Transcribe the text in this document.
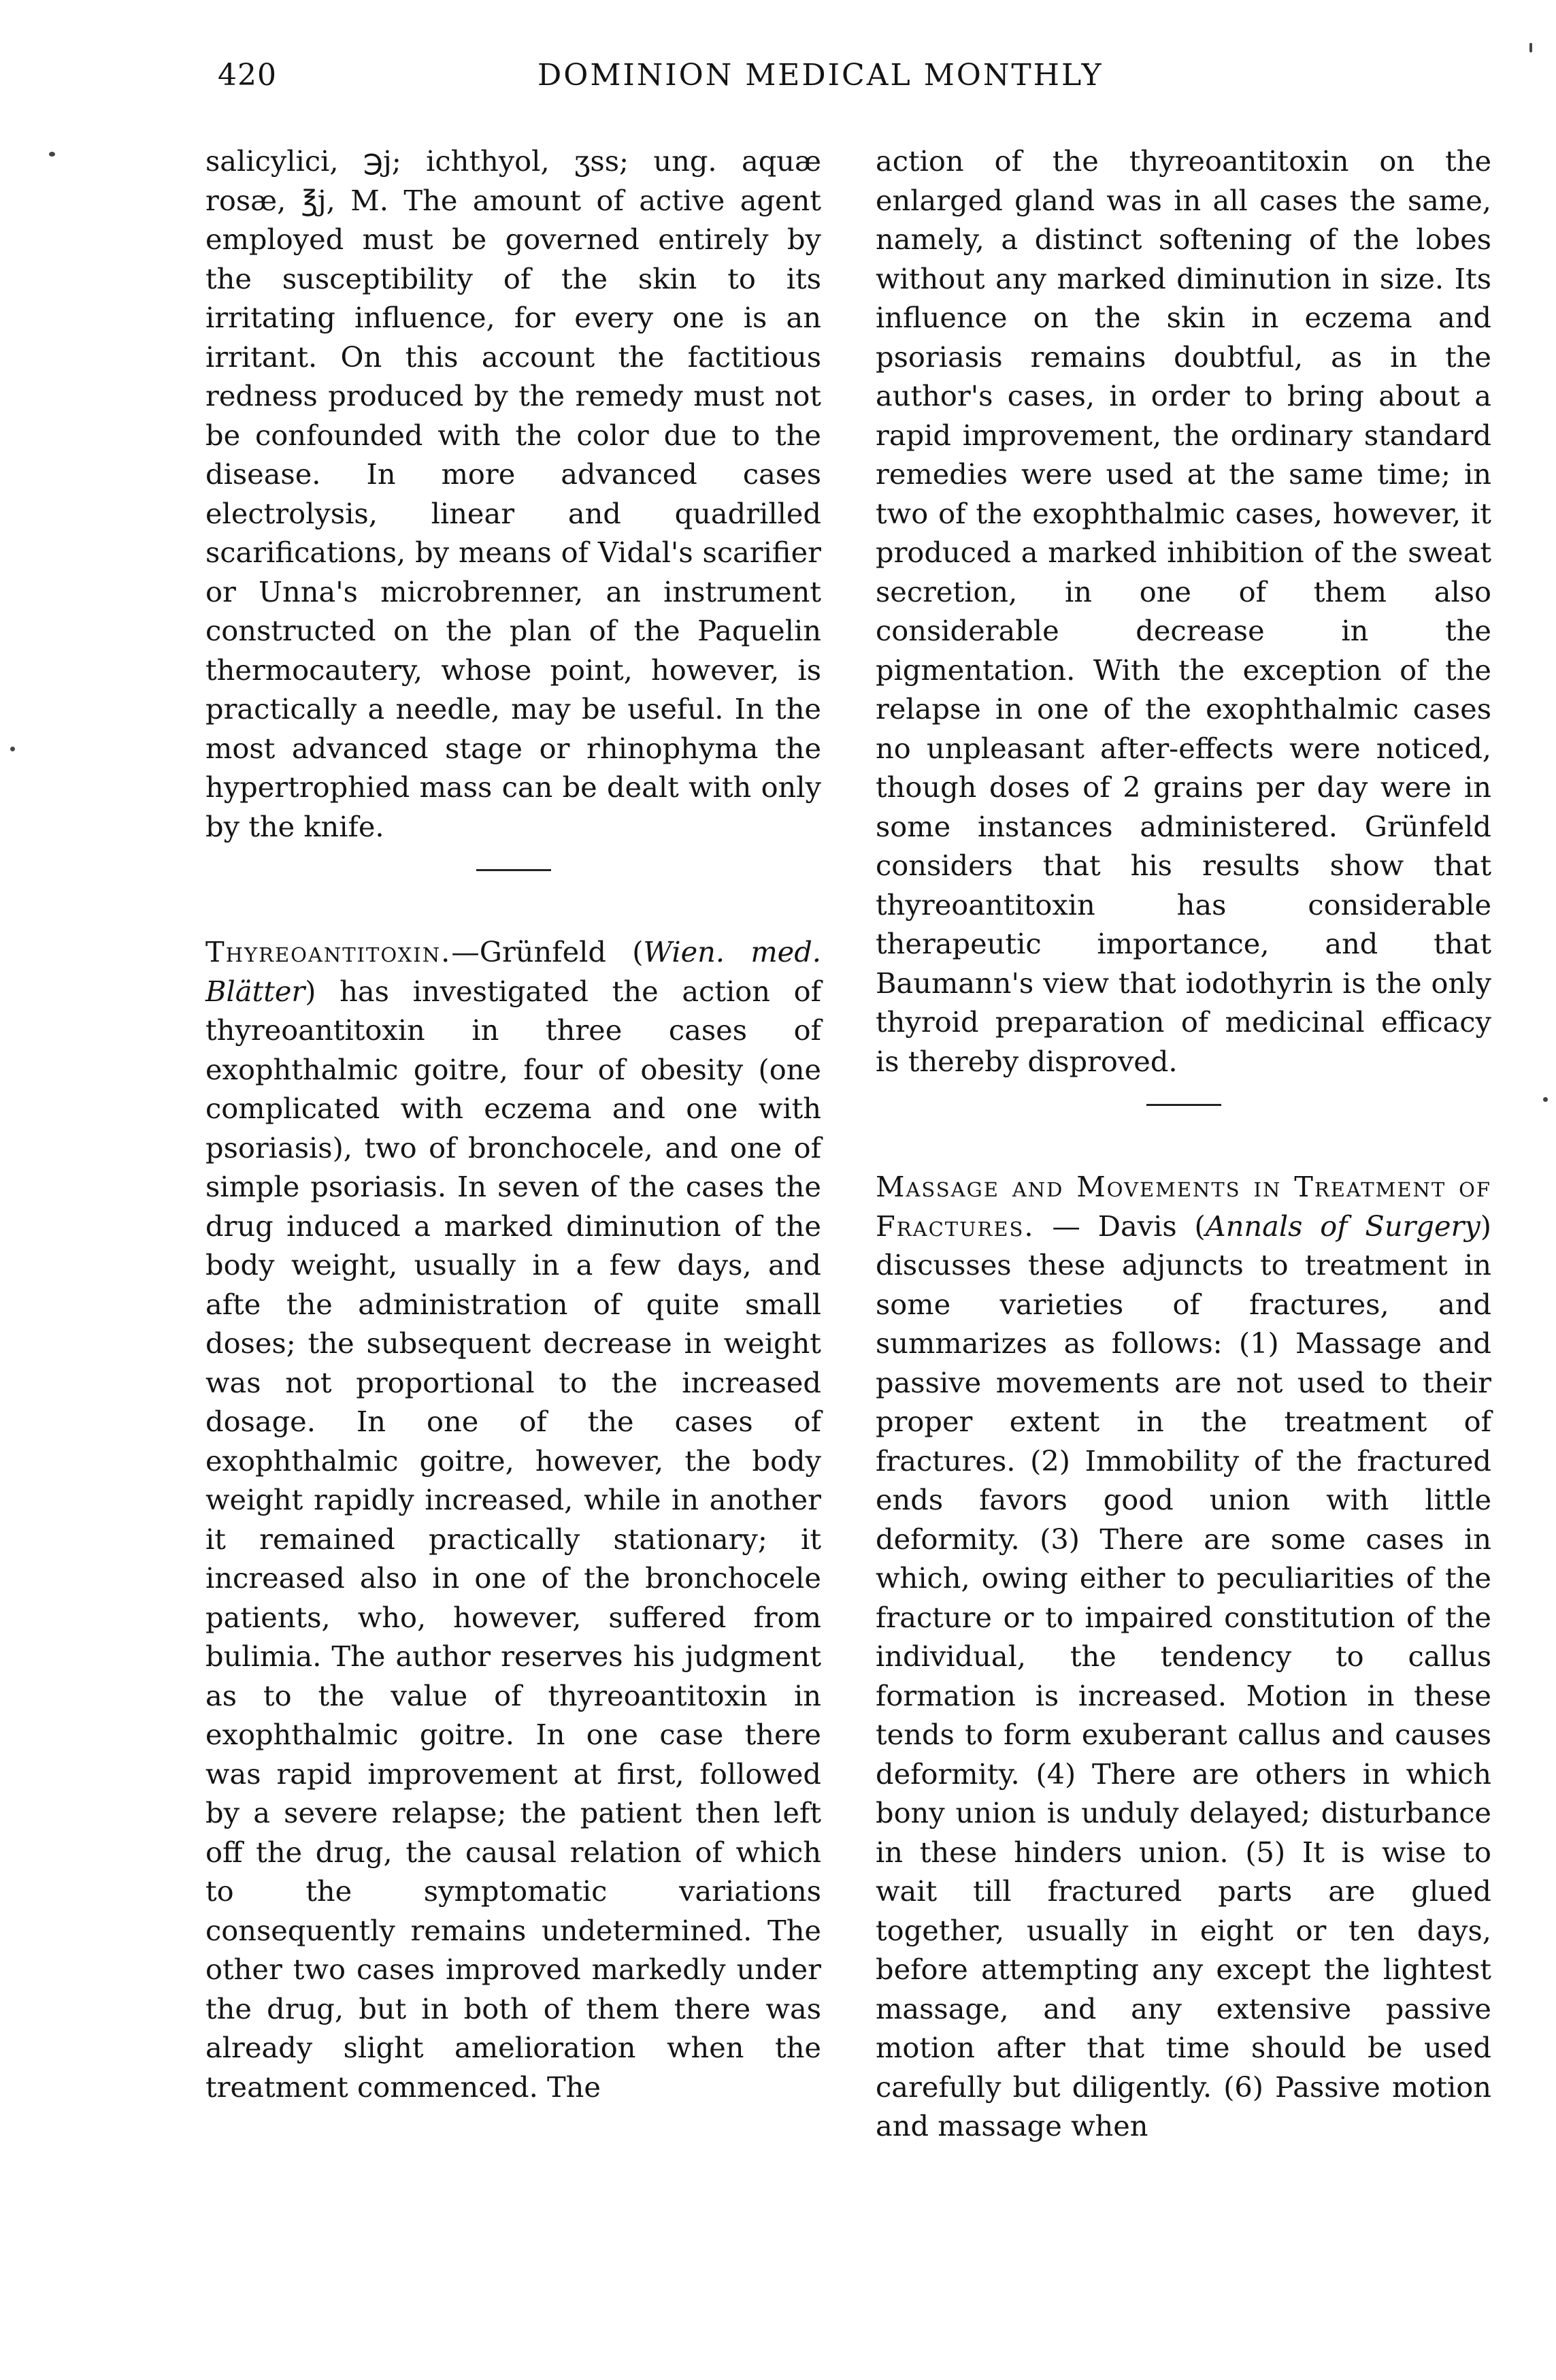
420	DOMINION MEDICAL MONTHLY

salicylici, ℈j; ichthyol, ʒss; ung. aquæ rosæ, ℥j, M. The amount of active agent employed must be governed entirely by the susceptibility of the skin to its irritating influence, for every one is an irritant. On this account the factitious redness produced by the remedy must not be confounded with the color due to the disease. In more advanced cases electrolysis, linear and quadrilled scarifications, by means of Vidal's scarifier or Unna's microbrenner, an instrument constructed on the plan of the Paquelin thermocautery, whose point, however, is practically a needle, may be useful. In the most advanced stage or rhinophyma the hypertrophied mass can be dealt with only by the knife.

Thyreoantitoxin.—Grünfeld (Wien. med. Blätter) has investigated the action of thyreoantitoxin in three cases of exophthalmic goitre, four of obesity (one complicated with eczema and one with psoriasis), two of bronchocele, and one of simple psoriasis. In seven of the cases the drug induced a marked diminution of the body weight, usually in a few days, and afte the administration of quite small doses; the subsequent decrease in weight was not proportional to the increased dosage. In one of the cases of exophthalmic goitre, however, the body weight rapidly increased, while in another it remained practically stationary; it increased also in one of the bronchocele patients, who, however, suffered from bulimia. The author reserves his judgment as to the value of thyreoantitoxin in exophthalmic goitre. In one case there was rapid improvement at first, followed by a severe relapse; the patient then left off the drug, the causal relation of which to the symptomatic variations consequently remains undetermined. The other two cases improved markedly under the drug, but in both of them there was already slight amelioration when the treatment commenced. The

action of the thyreoantitoxin on the enlarged gland was in all cases the same, namely, a distinct softening of the lobes without any marked diminution in size. Its influence on the skin in eczema and psoriasis remains doubtful, as in the author's cases, in order to bring about a rapid improvement, the ordinary standard remedies were used at the same time; in two of the exophthalmic cases, however, it produced a marked inhibition of the sweat secretion, in one of them also considerable decrease in the pigmentation. With the exception of the relapse in one of the exophthalmic cases no unpleasant after-effects were noticed, though doses of 2 grains per day were in some instances administered. Grünfeld considers that his results show that thyreoantitoxin has considerable therapeutic importance, and that Baumann's view that iodothyrin is the only thyroid preparation of medicinal efficacy is thereby disproved.

Massage and Movements in Treatment of Fractures. — Davis (Annals of Surgery) discusses these adjuncts to treatment in some varieties of fractures, and summarizes as follows: (1) Massage and passive movements are not used to their proper extent in the treatment of fractures. (2) Immobility of the fractured ends favors good union with little deformity. (3) There are some cases in which, owing either to peculiarities of the fracture or to impaired constitution of the individual, the tendency to callus formation is increased. Motion in these tends to form exuberant callus and causes deformity. (4) There are others in which bony union is unduly delayed; disturbance in these hinders union. (5) It is wise to wait till fractured parts are glued together, usually in eight or ten days, before attempting any except the lightest massage, and any extensive passive motion after that time should be used carefully but diligently. (6) Passive motion and massage when
